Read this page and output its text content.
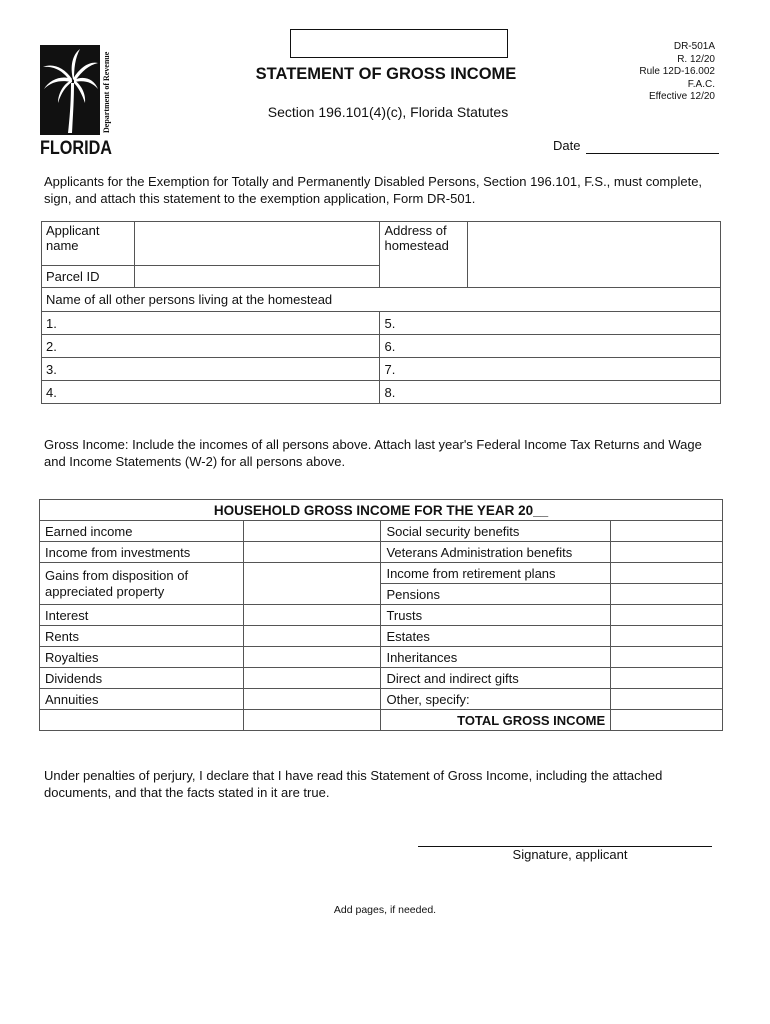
Department of Revenue
FLORIDA
STATEMENT OF GROSS INCOME
Section 196.101(4)(c), Florida Statutes
DR-501A
R. 12/20
Rule 12D-16.002
F.A.C.
Effective 12/20
Date
Applicants for the Exemption for Totally and Permanently Disabled Persons, Section 196.101, F.S., must complete, sign, and attach this statement to the exemption application, Form DR-501.
Applicant name		Address of homestead	
Parcel ID			
Name of all other persons living at the homestead			
1.		5.	
2.		6.	
3.		7.	
4.		8.	
Gross Income: Include the incomes of all persons above. Attach last year's Federal Income Tax Returns and Wage and Income Statements (W-2) for all persons above.
HOUSEHOLD GROSS INCOME FOR THE YEAR 20__			
Earned income		Social security benefits	
Income from investments		Veterans Administration benefits	
Gains from disposition of appreciated property		Income from retirement plans	
		Pensions	
Interest		Trusts	
Rents		Estates	
Royalties		Inheritances	
Dividends		Direct and indirect gifts	
Annuities		Other, specify:	
		TOTAL GROSS INCOME	
Under penalties of perjury, I declare that I have read this Statement of Gross Income, including the attached documents, and that the facts stated in it are true.
Signature, applicant
Add pages, if needed.
